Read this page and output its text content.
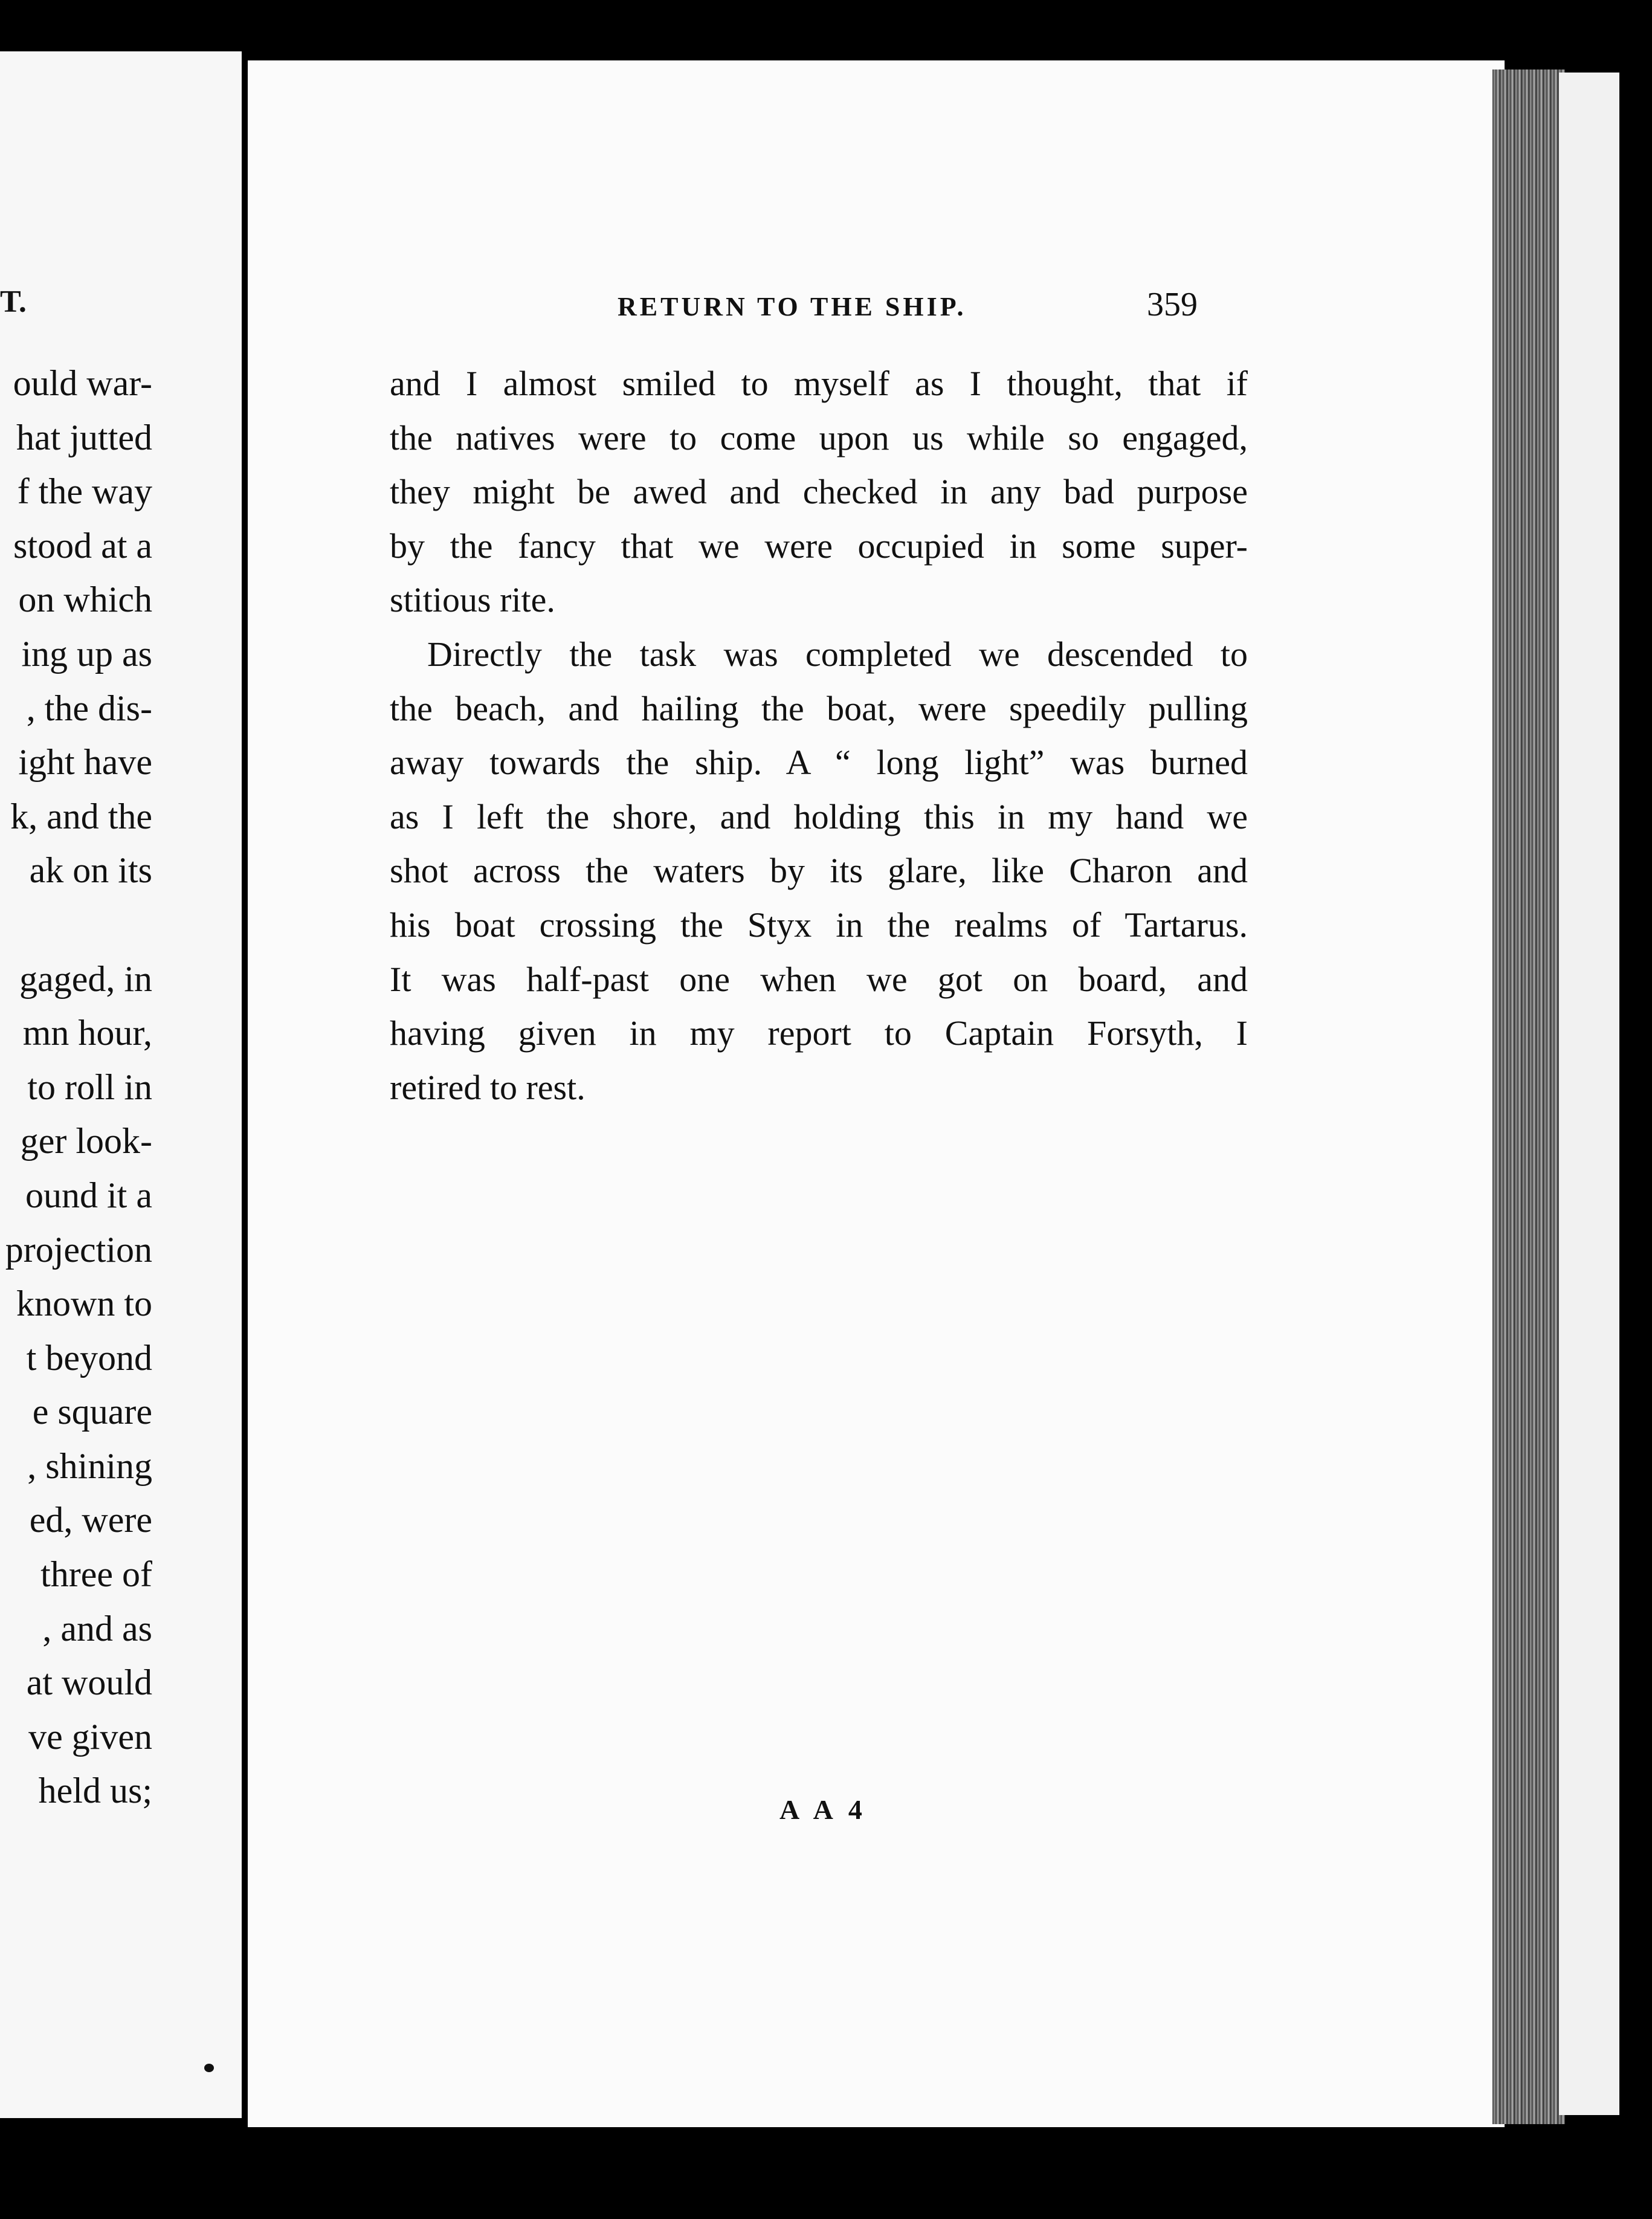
T.
ould war-
hat jutted
f the way
stood at a
on which
ing up as
, the dis-
ight have
k, and the
ak on its
gaged, in
mn hour,
to roll in
ger look-
ound it a
projection
known to
t beyond
e square
, shining
ed, were
three of
, and as
at would
ve given
held us;
RETURN TO THE SHIP.	359
and I almost smiled to myself as I thought, that if
the natives were to come upon us while so engaged,
they might be awed and checked in any bad purpose
by the fancy that we were occupied in some super-
stitious rite.
Directly the task was completed we descended to
the beach, and hailing the boat, were speedily pulling
away towards the ship. A “ long light” was burned
as I left the shore, and holding this in my hand we
shot across the waters by its glare, like Charon and
his boat crossing the Styx in the realms of Tartarus.
It was half-past one when we got on board, and
having given in my report to Captain Forsyth, I
retired to rest.
A A 4
